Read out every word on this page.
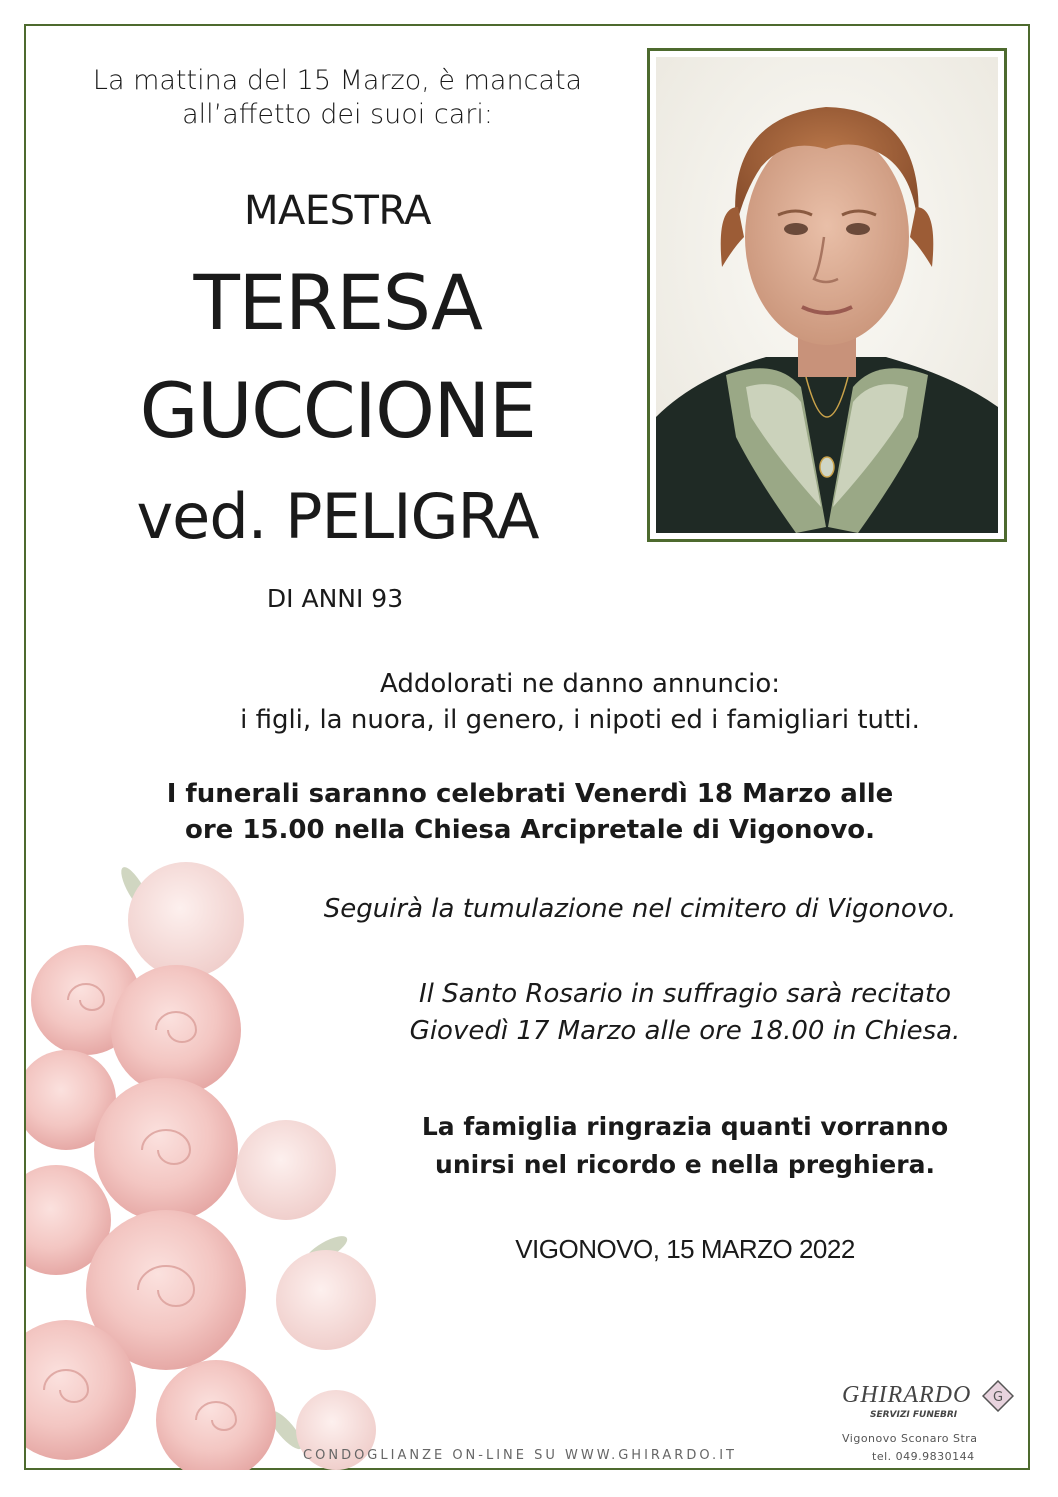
La mattina del 15 Marzo, è mancata
all’affetto dei suoi cari:
MAESTRA
TERESA
GUCCIONE
ved. PELIGRA
DI ANNI 93
Addolorati ne danno annuncio:
i figli, la nuora, il genero, i nipoti ed i famigliari tutti.
I funerali saranno celebrati Venerdì 18 Marzo alle
ore 15.00 nella Chiesa Arcipretale di Vigonovo.
Seguirà la tumulazione nel cimitero di Vigonovo.
Il Santo Rosario in suffragio sarà recitato
Giovedì 17 Marzo alle ore 18.00 in Chiesa.
La famiglia ringrazia quanti vorranno
unirsi nel ricordo e nella preghiera.
VIGONOVO, 15 MARZO 2022
CONDOGLIANZE ON-LINE SU WWW.GHIRARDO.IT
GHIRARDO
SERVIZI FUNEBRI
G
Vigonovo Sconaro Stra
tel. 049.9830144
